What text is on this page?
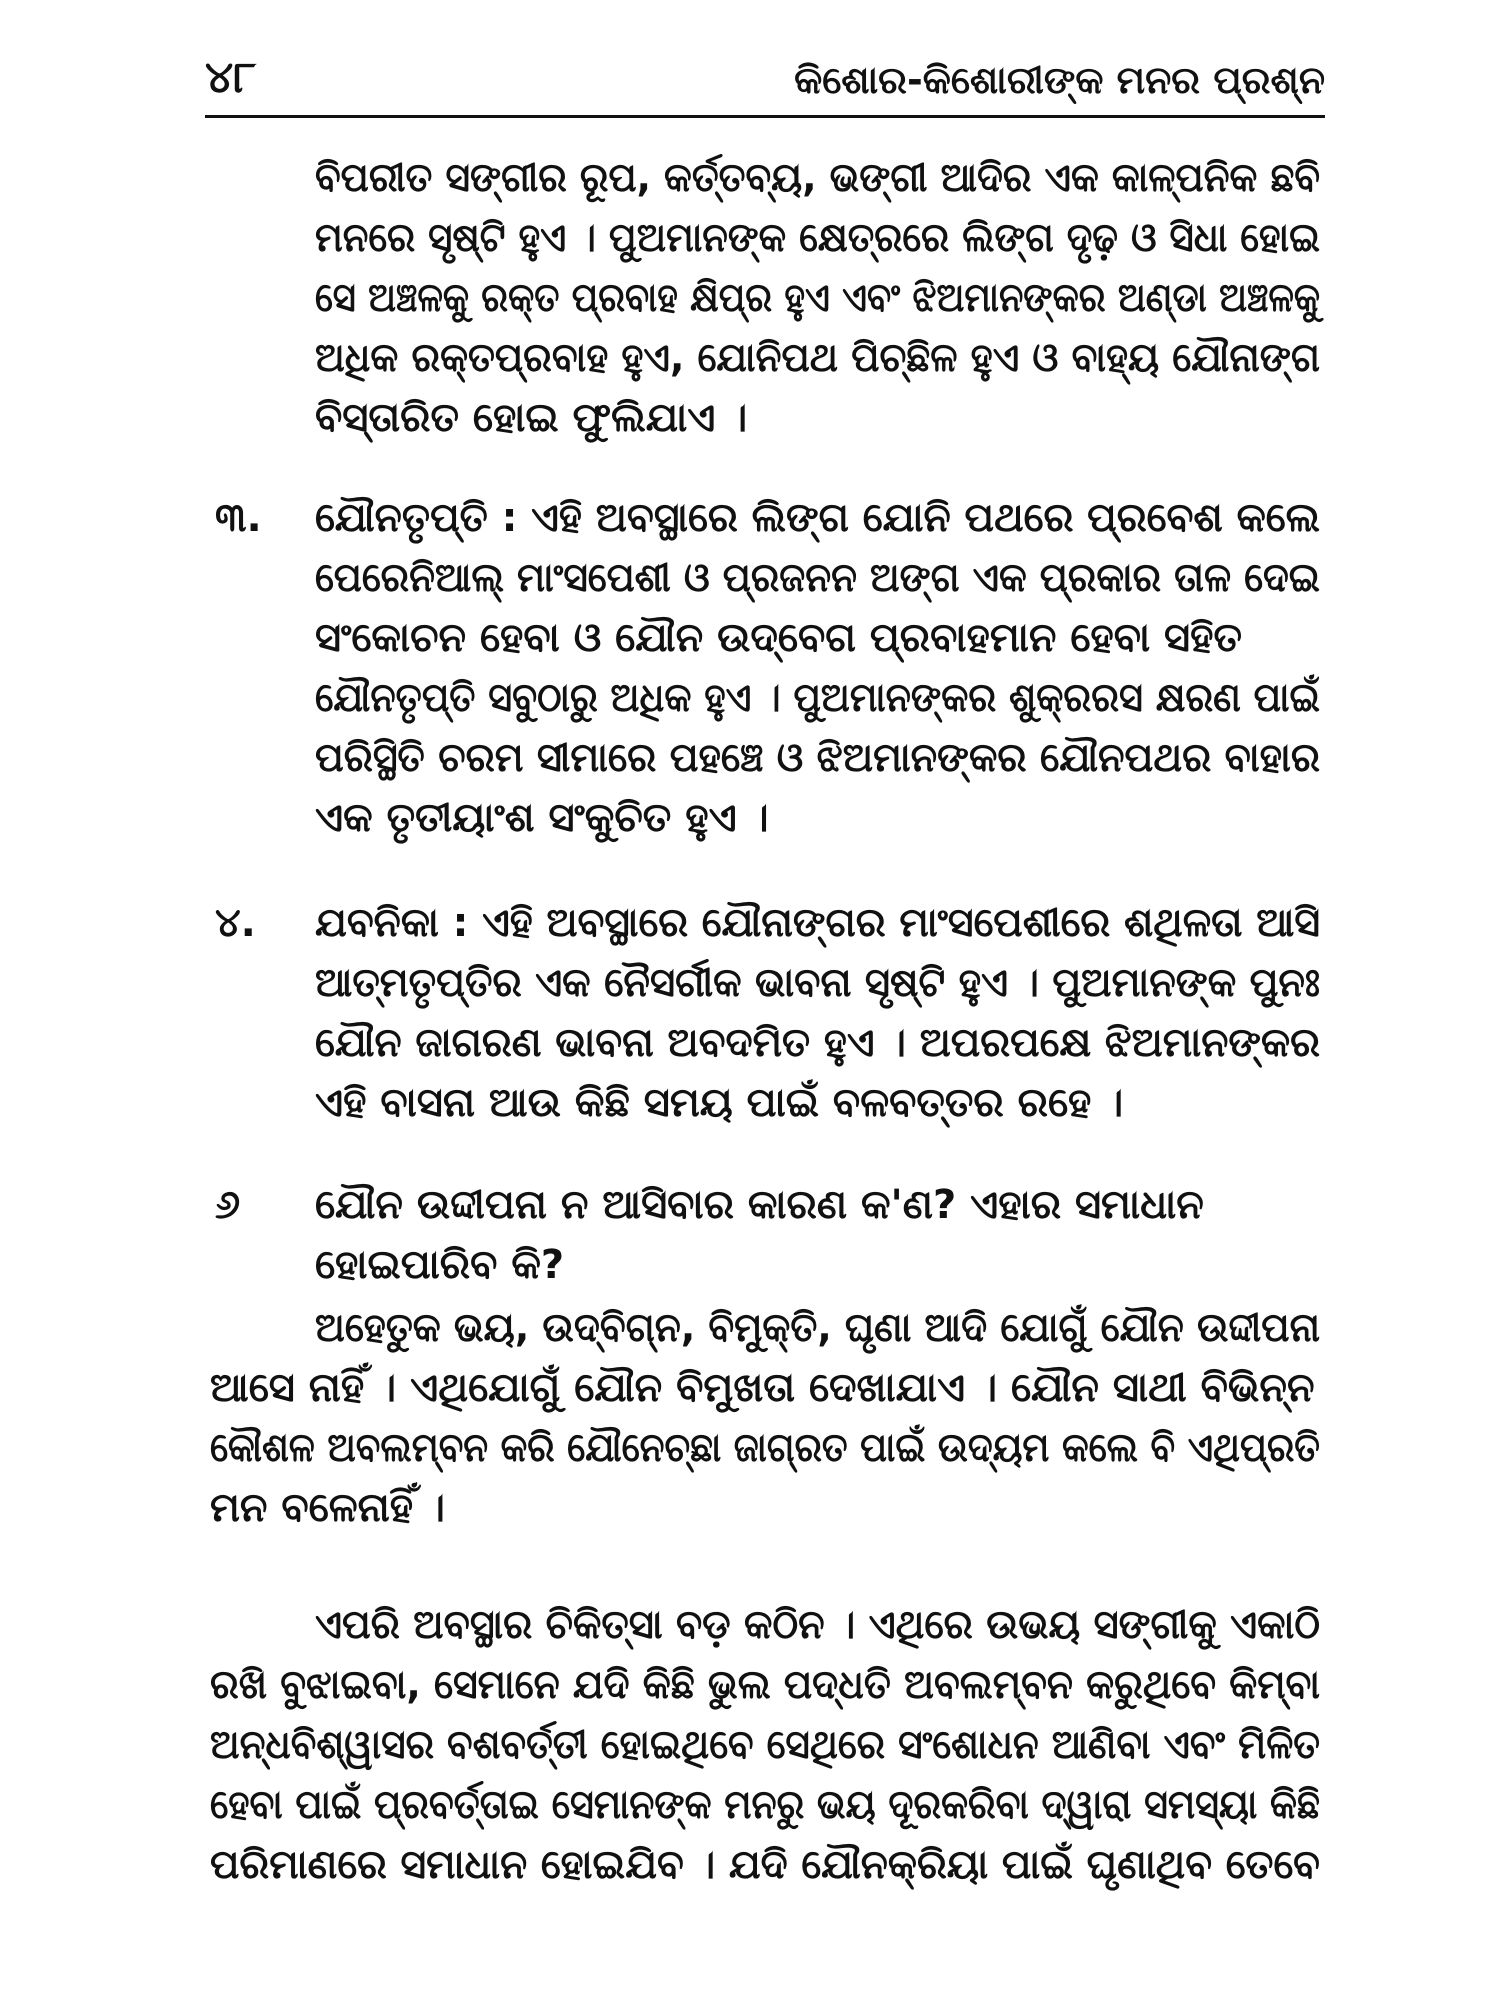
୪୮	କିଶୋର-କିଶୋରୀଙ୍କ ମନର ପ୍ରଶ୍ନ
ବିପରୀତ ସଙ୍ଗୀର ରୂପ, କର୍ତ୍ତବ୍ୟ, ଭଙ୍ଗୀ ଆଦିର ଏକ କାଳ୍ପନିକ ଛବି
ମନରେ ସୃଷ୍ଟି ହୁଏ । ପୁଅମାନଙ୍କ କ୍ଷେତ୍ରରେ ଲିଙ୍ଗ ଦୃଢ଼ ଓ ସିଧା ହୋଇ
ସେ ଅଞ୍ଚଳକୁ ରକ୍ତ ପ୍ରବାହ କ୍ଷିପ୍ର ହୁଏ ଏବଂ ଝିଅମାନଙ୍କର ଅଣ୍ଡା ଅଞ୍ଚଳକୁ
ଅଧିକ ରକ୍ତପ୍ରବାହ ହୁଏ, ଯୋନିପଥ ପିଚ୍ଛିଳ ହୁଏ ଓ ବାହ୍ୟ ଯୌନାଙ୍ଗ
ବିସ୍ତାରିତ ହୋଇ ଫୁଲିଯାଏ ।
୩. ଯୌନତୃପ୍ତି : ଏହି ଅବସ୍ଥାରେ ଲିଙ୍ଗ ଯୋନି ପଥରେ ପ୍ରବେଶ କଲେ
ପେରେନିଆଲ୍ ମାଂସପେଶୀ ଓ ପ୍ରଜନନ ଅଙ୍ଗ ଏକ ପ୍ରକାର ତାଳ ଦେଇ
ସଂକୋଚନ ହେବା ଓ ଯୌନ ଉଦ୍‌ବେଗ ପ୍ରବାହମାନ ହେବା ସହିତ
ଯୌନତୃପ୍ତି ସବୁଠାରୁ ଅଧିକ ହୁଏ । ପୁଅମାନଙ୍କର ଶୁକ୍ରରସ କ୍ଷରଣ ପାଇଁ
ପରିସ୍ଥିତି ଚରମ ସୀମାରେ ପହଞ୍ଚେ ଓ ଝିଅମାନଙ୍କର ଯୌନପଥର ବାହାର
ଏକ ତୃତୀୟାଂଶ ସଂକୁଚିତ ହୁଏ ।
୪. ଯବନିକା : ଏହି ଅବସ୍ଥାରେ ଯୌନାଙ୍ଗର ମାଂସପେଶୀରେ ଶଥିଳତା ଆସି
ଆତ୍ମତୃପ୍ତିର ଏକ ନୈସର୍ଗୀକ ଭାବନା ସୃଷ୍ଟି ହୁଏ । ପୁଅମାନଙ୍କ ପୁନଃ
ଯୌନ ଜାଗରଣ ଭାବନା ଅବଦମିତ ହୁଏ । ଅପରପକ୍ଷେ ଝିଅମାନଙ୍କର
ଏହି ବାସନା ଆଉ କିଛି ସମୟ ପାଇଁ ବଳବତ୍ତର ରହେ ।
୬ ଯୌନ ଉଦ୍ଦୀପନା ନ ଆସିବାର କାରଣ କ'ଣ? ଏହାର ସମାଧାନ
ହୋଇପାରିବ କି?
ଅହେତୁକ ଭୟ, ଉଦ୍‌ବିଗ୍ନ, ବିମୁକ୍ତି, ଘୃଣା ଆଦି ଯୋଗୁଁ ଯୌନ ଉଦ୍ଦୀପନା
ଆସେ ନାହିଁ । ଏଥିଯୋଗୁଁ ଯୌନ ବିମୁଖତା ଦେଖାଯାଏ । ଯୌନ ସାଥୀ ବିଭିନ୍ନ
କୌଶଳ ଅବଲମ୍ବନ କରି ଯୌନେଚ୍ଛା ଜାଗ୍ରତ ପାଇଁ ଉଦ୍ୟମ କଲେ ବି ଏଥିପ୍ରତି
ମନ ବଳେନାହିଁ ।
ଏପରି ଅବସ୍ଥାର ଚିକିତ୍ସା ବଡ଼ କଠିନ । ଏଥିରେ ଉଭୟ ସଙ୍ଗୀକୁ ଏକାଠି
ରଖି ବୁଝାଇବା, ସେମାନେ ଯଦି କିଛି ଭୁଲ ପଦ୍ଧତି ଅବଲମ୍ବନ କରୁଥିବେ କିମ୍ବା
ଅନ୍ଧବିଶ୍ୱାସର ବଶବର୍ତ୍ତୀ ହୋଇଥିବେ ସେଥିରେ ସଂଶୋଧନ ଆଣିବା ଏବଂ ମିଳିତ
ହେବା ପାଇଁ ପ୍ରବର୍ତ୍ତାଇ ସେମାନଙ୍କ ମନରୁ ଭୟ ଦୂରକରିବା ଦ୍ୱାରା ସମସ୍ୟା କିଛି
ପରିମାଣରେ ସମାଧାନ ହୋଇଯିବ । ଯଦି ଯୌନକ୍ରିୟା ପାଇଁ ଘୃଣାଥିବ ତେବେ
